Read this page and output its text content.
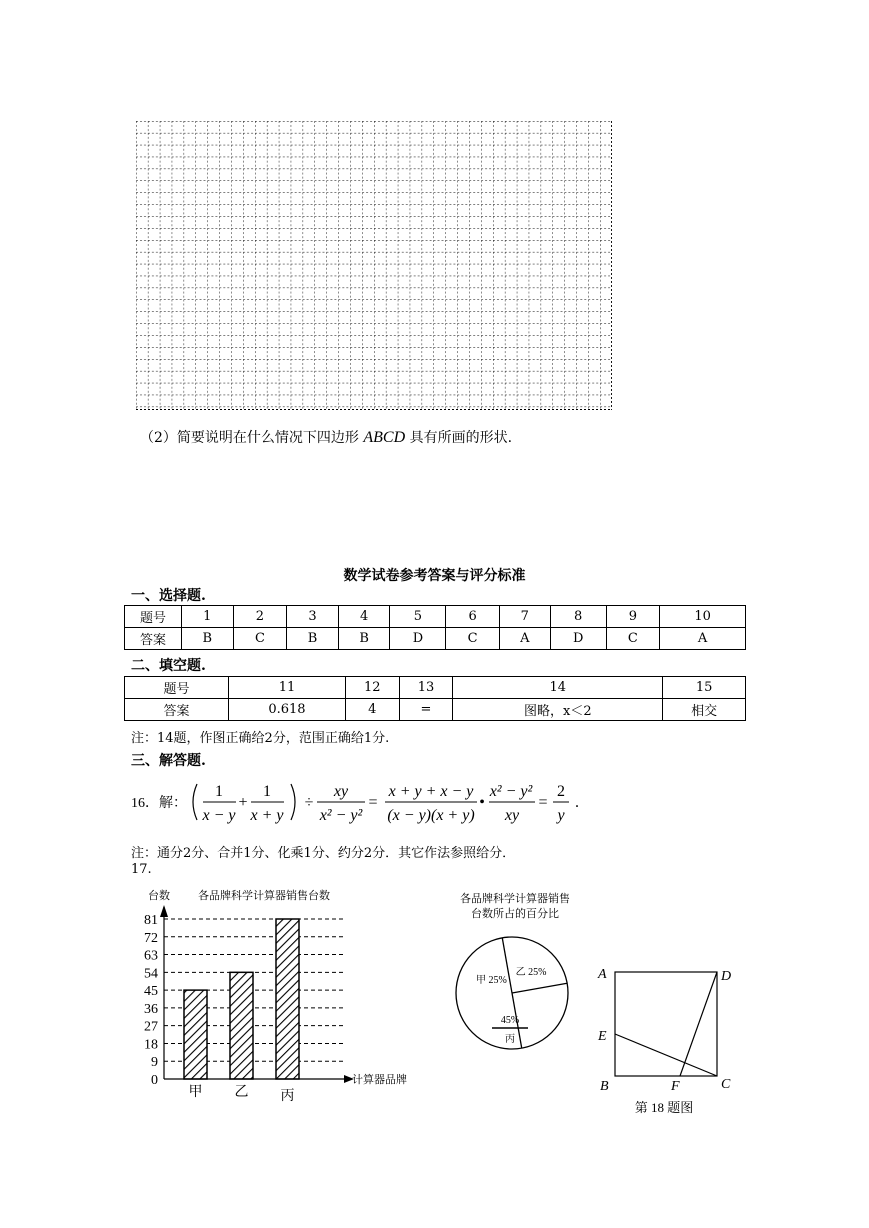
（2）简要说明在什么情况下四边形 ABCD 具有所画的形状.
数学试卷参考答案与评分标准
一、选择题.
题号	1	2	3	4	5	6	7	8	9	10
答案	B	C	B	B	D	C	A	D	C	A
二、填空题.
题号	11	12	13	14	15
答案	0.618	4	=	图略，x＜2	相交
注：14题，作图正确给2分，范围正确给1分.
三、解答题.
16．解：
1
x − y
+
1
x + y
÷
xy
x² − y²
=
x + y + x − y
(x − y)(x + y)
•
x² − y²
xy
=
2
y
.
注：通分2分、合并1分、化乘1分、约分2分．其它作法参照给分．
17.
0
9
18
27
36
45
54
63
72
81
甲 乙 丙
台数	各品牌科学计算器销售台数
计算器品牌
各品牌科学计算器销售
台数所占的百分比
甲 25%
乙 25%
45%
丙
A	D
E
B	F	C
第 18 题图
